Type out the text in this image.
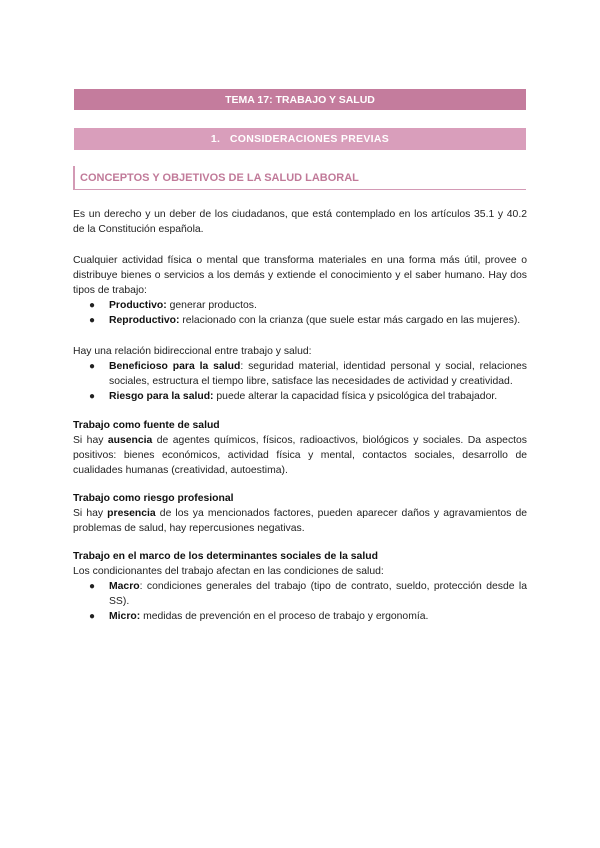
TEMA 17: TRABAJO Y SALUD
1.   CONSIDERACIONES PREVIAS
CONCEPTOS Y OBJETIVOS DE LA SALUD LABORAL

Es un derecho y un deber de los ciudadanos, que está contemplado en los artículos 35.1 y 40.2 de la Constitución española.

Cualquier actividad física o mental que transforma materiales en una forma más útil, provee o distribuye bienes o servicios a los demás y extiende el conocimiento y el saber humano. Hay dos tipos de trabajo:

● Productivo: generar productos.
● Reproductivo: relacionado con la crianza (que suele estar más cargado en las mujeres).

Hay una relación bidireccional entre trabajo y salud:

● Beneficioso para la salud: seguridad material, identidad personal y social, relaciones sociales, estructura el tiempo libre, satisface las necesidades de actividad y creatividad.
● Riesgo para la salud: puede alterar la capacidad física y psicológica del trabajador.

Trabajo como fuente de salud

Si hay ausencia de agentes químicos, físicos, radioactivos, biológicos y sociales. Da aspectos positivos: bienes económicos, actividad física y mental, contactos sociales, desarrollo de cualidades humanas (creatividad, autoestima).

Trabajo como riesgo profesional

Si hay presencia de los ya mencionados factores, pueden aparecer daños y agravamientos de problemas de salud, hay repercusiones negativas.

Trabajo en el marco de los determinantes sociales de la salud

Los condicionantes del trabajo afectan en las condiciones de salud:

● Macro: condiciones generales del trabajo (tipo de contrato, sueldo, protección desde la SS).
● Micro: medidas de prevención en el proceso de trabajo y ergonomía.
